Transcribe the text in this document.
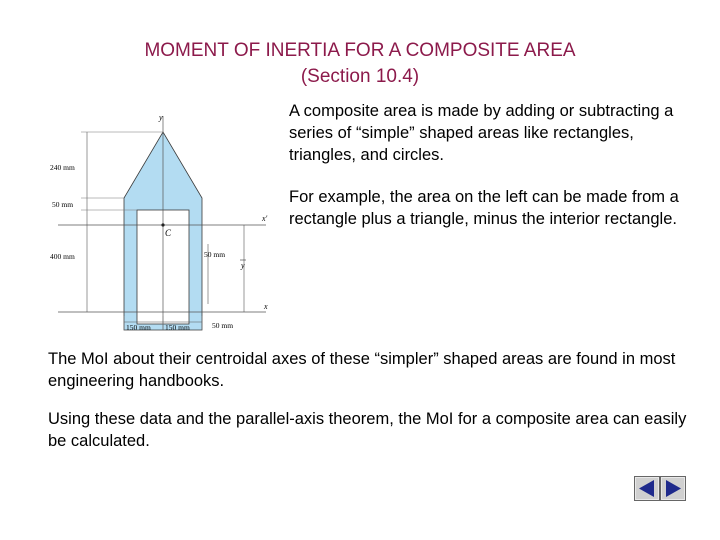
MOMENT OF INERTIA FOR A COMPOSITE AREA
(Section 10.4)
y
x
x'
C
240 mm
50 mm
400 mm
y
50 mm
150 mm 150 mm	50 mm

A composite area is made by adding or subtracting a series of “simple” shaped areas like rectangles, triangles, and circles.

For example, the area on the left can be made from a rectangle plus a triangle, minus the interior rectangle.

The MoI about their centroidal axes of these “simpler” shaped areas are found in most engineering handbooks.

Using these data and the parallel-axis theorem, the MoI for a composite area can easily be calculated.
